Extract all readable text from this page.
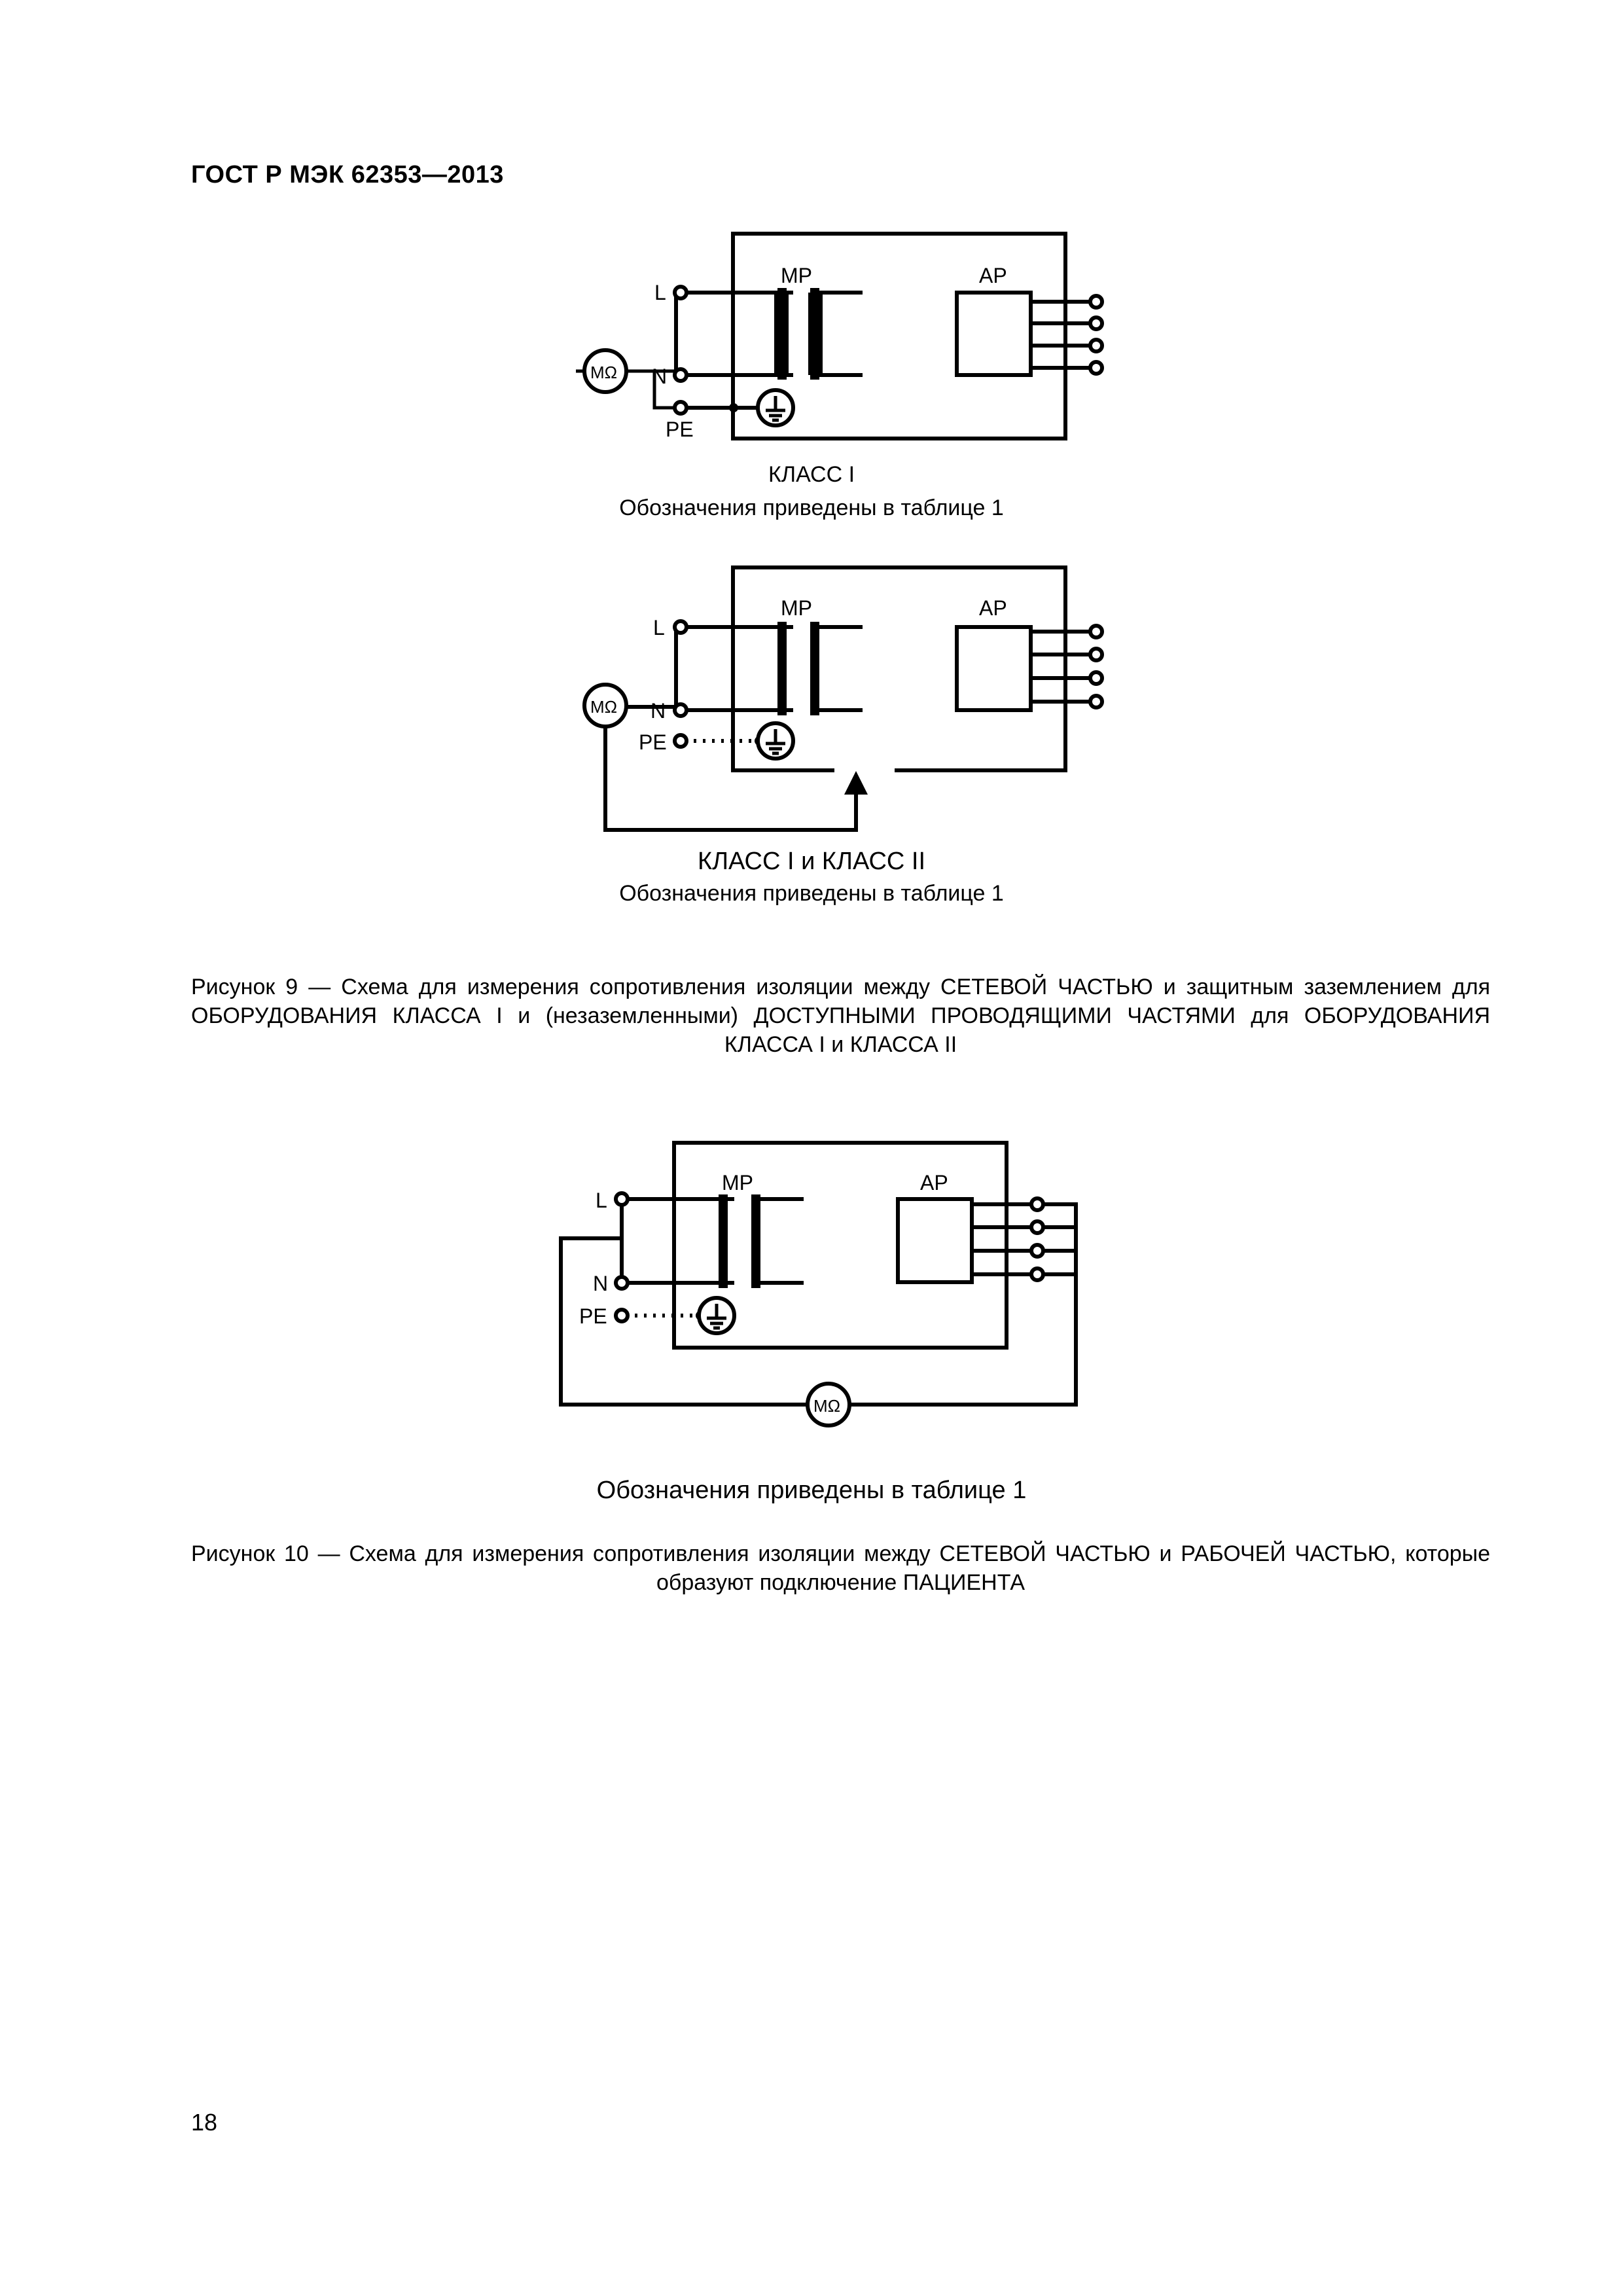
ГОСТ Р МЭК 62353—2013
MP	AP
L
N
PE
MΩ
MP	AP
L
N
PE
MΩ
MP	AP
L
N
PE
MΩ
КЛАСС I
Обозначения приведены в таблице 1
КЛАСС I и КЛАСС II
Обозначения приведены в таблице 1
Рисунок 9 — Схема для измерения сопротивления изоляции между СЕТЕВОЙ ЧАСТЬЮ и защитным заземлением для ОБОРУДОВАНИЯ КЛАССА I и (незаземленными) ДОСТУПНЫМИ ПРОВОДЯЩИМИ ЧАСТЯМИ для ОБОРУДОВАНИЯ КЛАССА I и КЛАССА II
Обозначения приведены в таблице 1
Рисунок 10 — Схема для измерения сопротивления изоляции между СЕТЕВОЙ ЧАСТЬЮ и РАБОЧЕЙ ЧАСТЬЮ, которые образуют подключение ПАЦИЕНТА
18
